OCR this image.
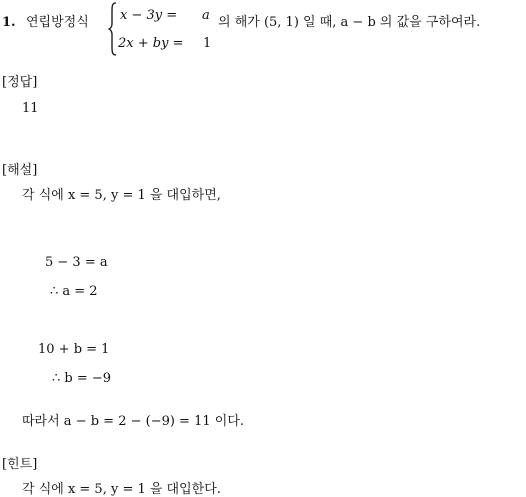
1. 연립방정식 x − 3y = a
2x + by = 1
의 해가 (5, 1) 일 때, a − b 의 값을 구하여라.
[정답]
11
[해설]
각 식에 x = 5, y = 1 을 대입하면,
5 − 3 = a
∴ a = 2
10 + b = 1
∴ b = −9
따라서 a − b = 2 − (−9) = 11 이다.
[힌트]
각 식에 x = 5, y = 1 을 대입한다.
